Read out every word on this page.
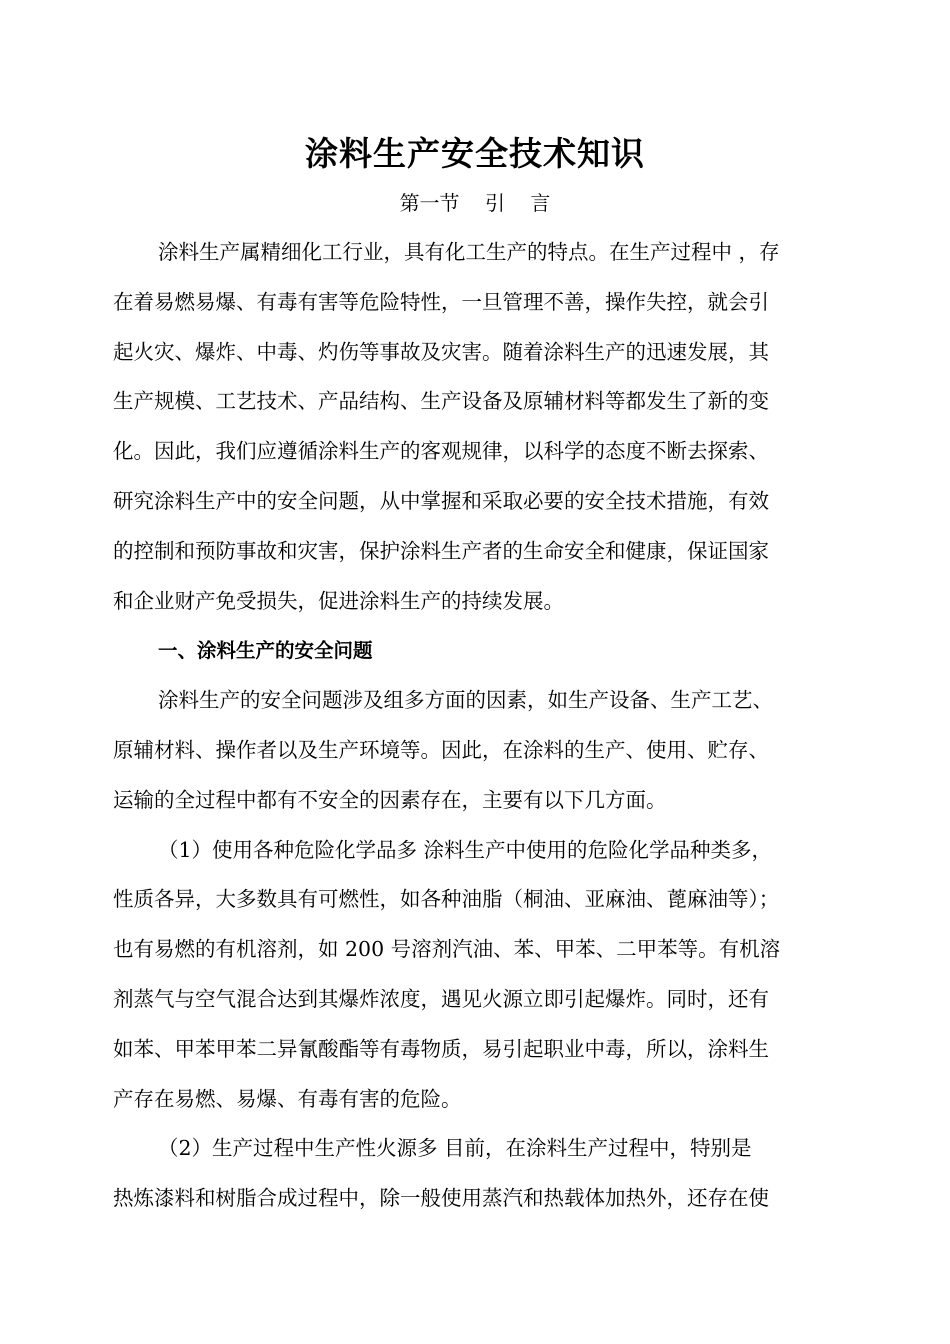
涂料生产安全技术知识
第一节    引    言
涂料生产属精细化工行业，具有化工生产的特点。在生产过程中 ，存
在着易燃易爆、有毒有害等危险特性，一旦管理不善，操作失控，就会引
起火灾、爆炸、中毒、灼伤等事故及灾害。随着涂料生产的迅速发展，其
生产规模、工艺技术、产品结构、生产设备及原辅材料等都发生了新的变
化。因此，我们应遵循涂料生产的客观规律，以科学的态度不断去探索、
研究涂料生产中的安全问题，从中掌握和采取必要的安全技术措施，有效
的控制和预防事故和灾害，保护涂料生产者的生命安全和健康，保证国家
和企业财产免受损失，促进涂料生产的持续发展。
一、涂料生产的安全问题
涂料生产的安全问题涉及组多方面的因素，如生产设备、生产工艺、
原辅材料、操作者以及生产环境等。因此，在涂料的生产、使用、贮存、
运输的全过程中都有不安全的因素存在，主要有以下几方面。
（1）使用各种危险化学品多 涂料生产中使用的危险化学品种类多，
性质各异，大多数具有可燃性，如各种油脂（桐油、亚麻油、蓖麻油等）；
也有易燃的有机溶剂，如 200 号溶剂汽油、苯、甲苯、二甲苯等。有机溶
剂蒸气与空气混合达到其爆炸浓度，遇见火源立即引起爆炸。同时，还有
如苯、甲苯甲苯二异氰酸酯等有毒物质，易引起职业中毒，所以，涂料生
产存在易燃、易爆、有毒有害的危险。
（2）生产过程中生产性火源多 目前，在涂料生产过程中，特别是
热炼漆料和树脂合成过程中，除一般使用蒸汽和热载体加热外，还存在使
